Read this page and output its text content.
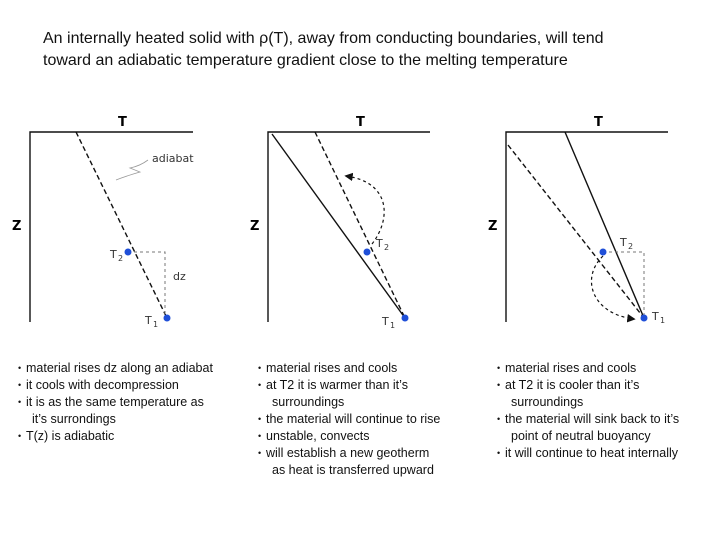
An internally heated solid with ρ(T), away from conducting boundaries, will tend
toward an adiabatic temperature gradient close to the melting temperature
T
Z
adiabat
dz
T 2
T 1
T
Z
T 2
T 1
T
Z
T 2
T 1
• material rises dz along an adiabat
• it cools with decompression
• it is as the same temperature as
it’s surrondings
• T(z) is adiabatic
• material rises and cools
• at T2 it is warmer than it’s
surroundings
• the material will continue to rise
• unstable, convects
• will establish a new geotherm
as heat is transferred upward
• material rises and cools
• at T2 it is cooler than it’s
surroundings
• the material will sink back to it’s
point of neutral buoyancy
• it will continue to heat internally
